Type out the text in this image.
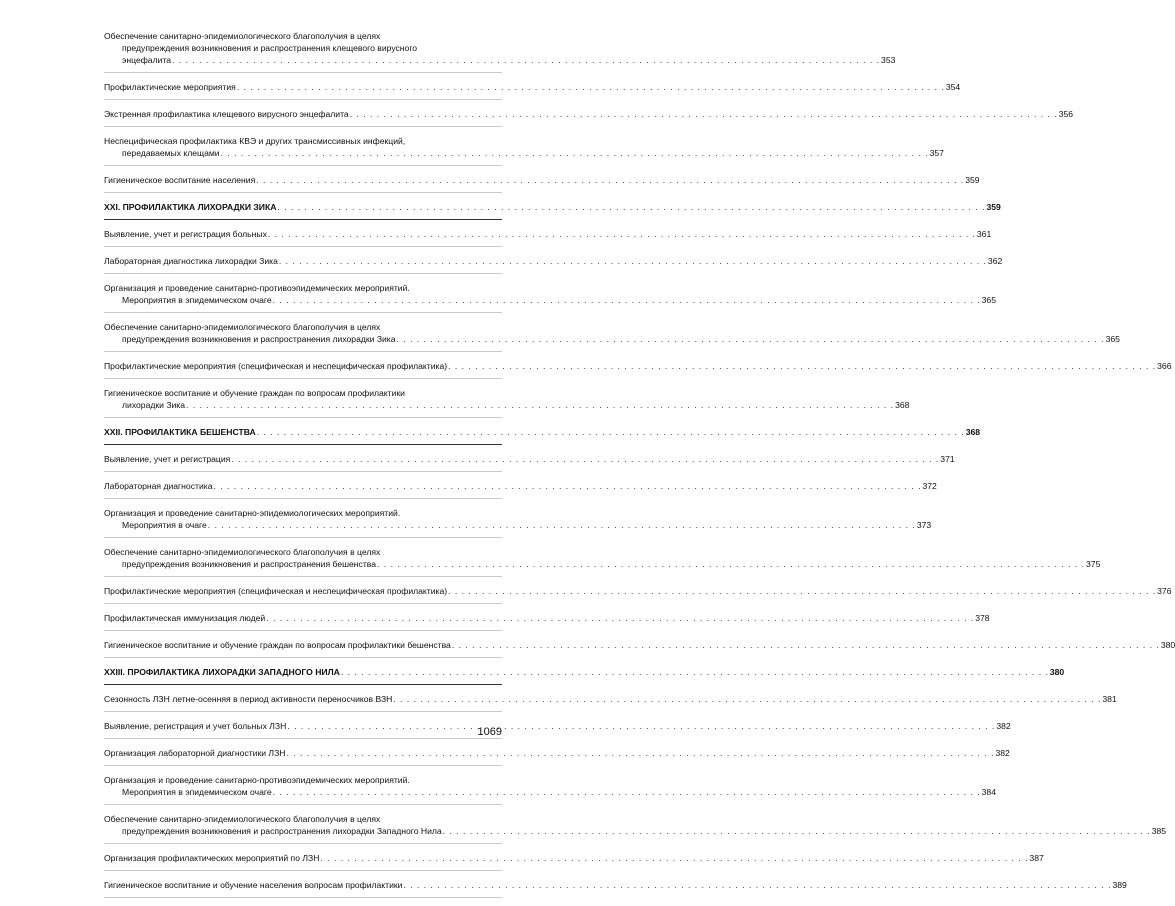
Обеспечение санитарно-эпидемиологического благополучия в целях
предупреждения возникновения и распространения клещевого вирусного
энцефалита . . .	353
Профилактические мероприятия . . .	354
Экстренная профилактика клещевого вирусного энцефалита . . .	356
Неспецифическая профилактика КВЭ и других трансмиссивных инфекций,
передаваемых клещами . . .	357
Гигиеническое воспитание населения . . .	359
XXI. ПРОФИЛАКТИКА ЛИХОРАДКИ ЗИКА . . .	359
Выявление, учет и регистрация больных . . .	361
Лабораторная диагностика лихорадки Зика . . .	362
Организация и проведение санитарно-противоэпидемических мероприятий.
Мероприятия в эпидемическом очаге . . .	365
Обеспечение санитарно-эпидемиологического благополучия в целях
предупреждения возникновения и распространения лихорадки Зика . . .	365
Профилактические мероприятия (специфическая и неспецифическая профилактика) . . .	366
Гигиеническое воспитание и обучение граждан по вопросам профилактики
лихорадки Зика . . .	368
XXII. ПРОФИЛАКТИКА БЕШЕНСТВА . . .	368
Выявление, учет и регистрация . . .	371
Лабораторная диагностика . . .	372
Организация и проведение санитарно-эпидемиологических мероприятий.
Мероприятия в очаге . . .	373
Обеспечение санитарно-эпидемиологического благополучия в целях
предупреждения возникновения и распространения бешенства . . .	375
Профилактические мероприятия (специфическая и неспецифическая профилактика) . . .	376
Профилактическая иммунизация людей . . .	378
Гигиеническое воспитание и обучение граждан по вопросам профилактики бешенства . . .	380
XXIII. ПРОФИЛАКТИКА ЛИХОРАДКИ ЗАПАДНОГО НИЛА . . .	380
Сезонность ЛЗН летне-осенняя в период активности переносчиков ВЗН . . .	381
Выявление, регистрация и учет больных ЛЗН . . .	382
Организация лабораторной диагностики ЛЗН . . .	382
Организация и проведение санитарно-противоэпидемических мероприятий.
Мероприятия в эпидемическом очаге . . .	384
Обеспечение санитарно-эпидемиологического благополучия в целях
предупреждения возникновения и распространения лихорадки Западного Нила . . .	385
Организация профилактических мероприятий по ЛЗН . . .	387
Гигиеническое воспитание и обучение населения вопросам профилактики . . .	389
1069
